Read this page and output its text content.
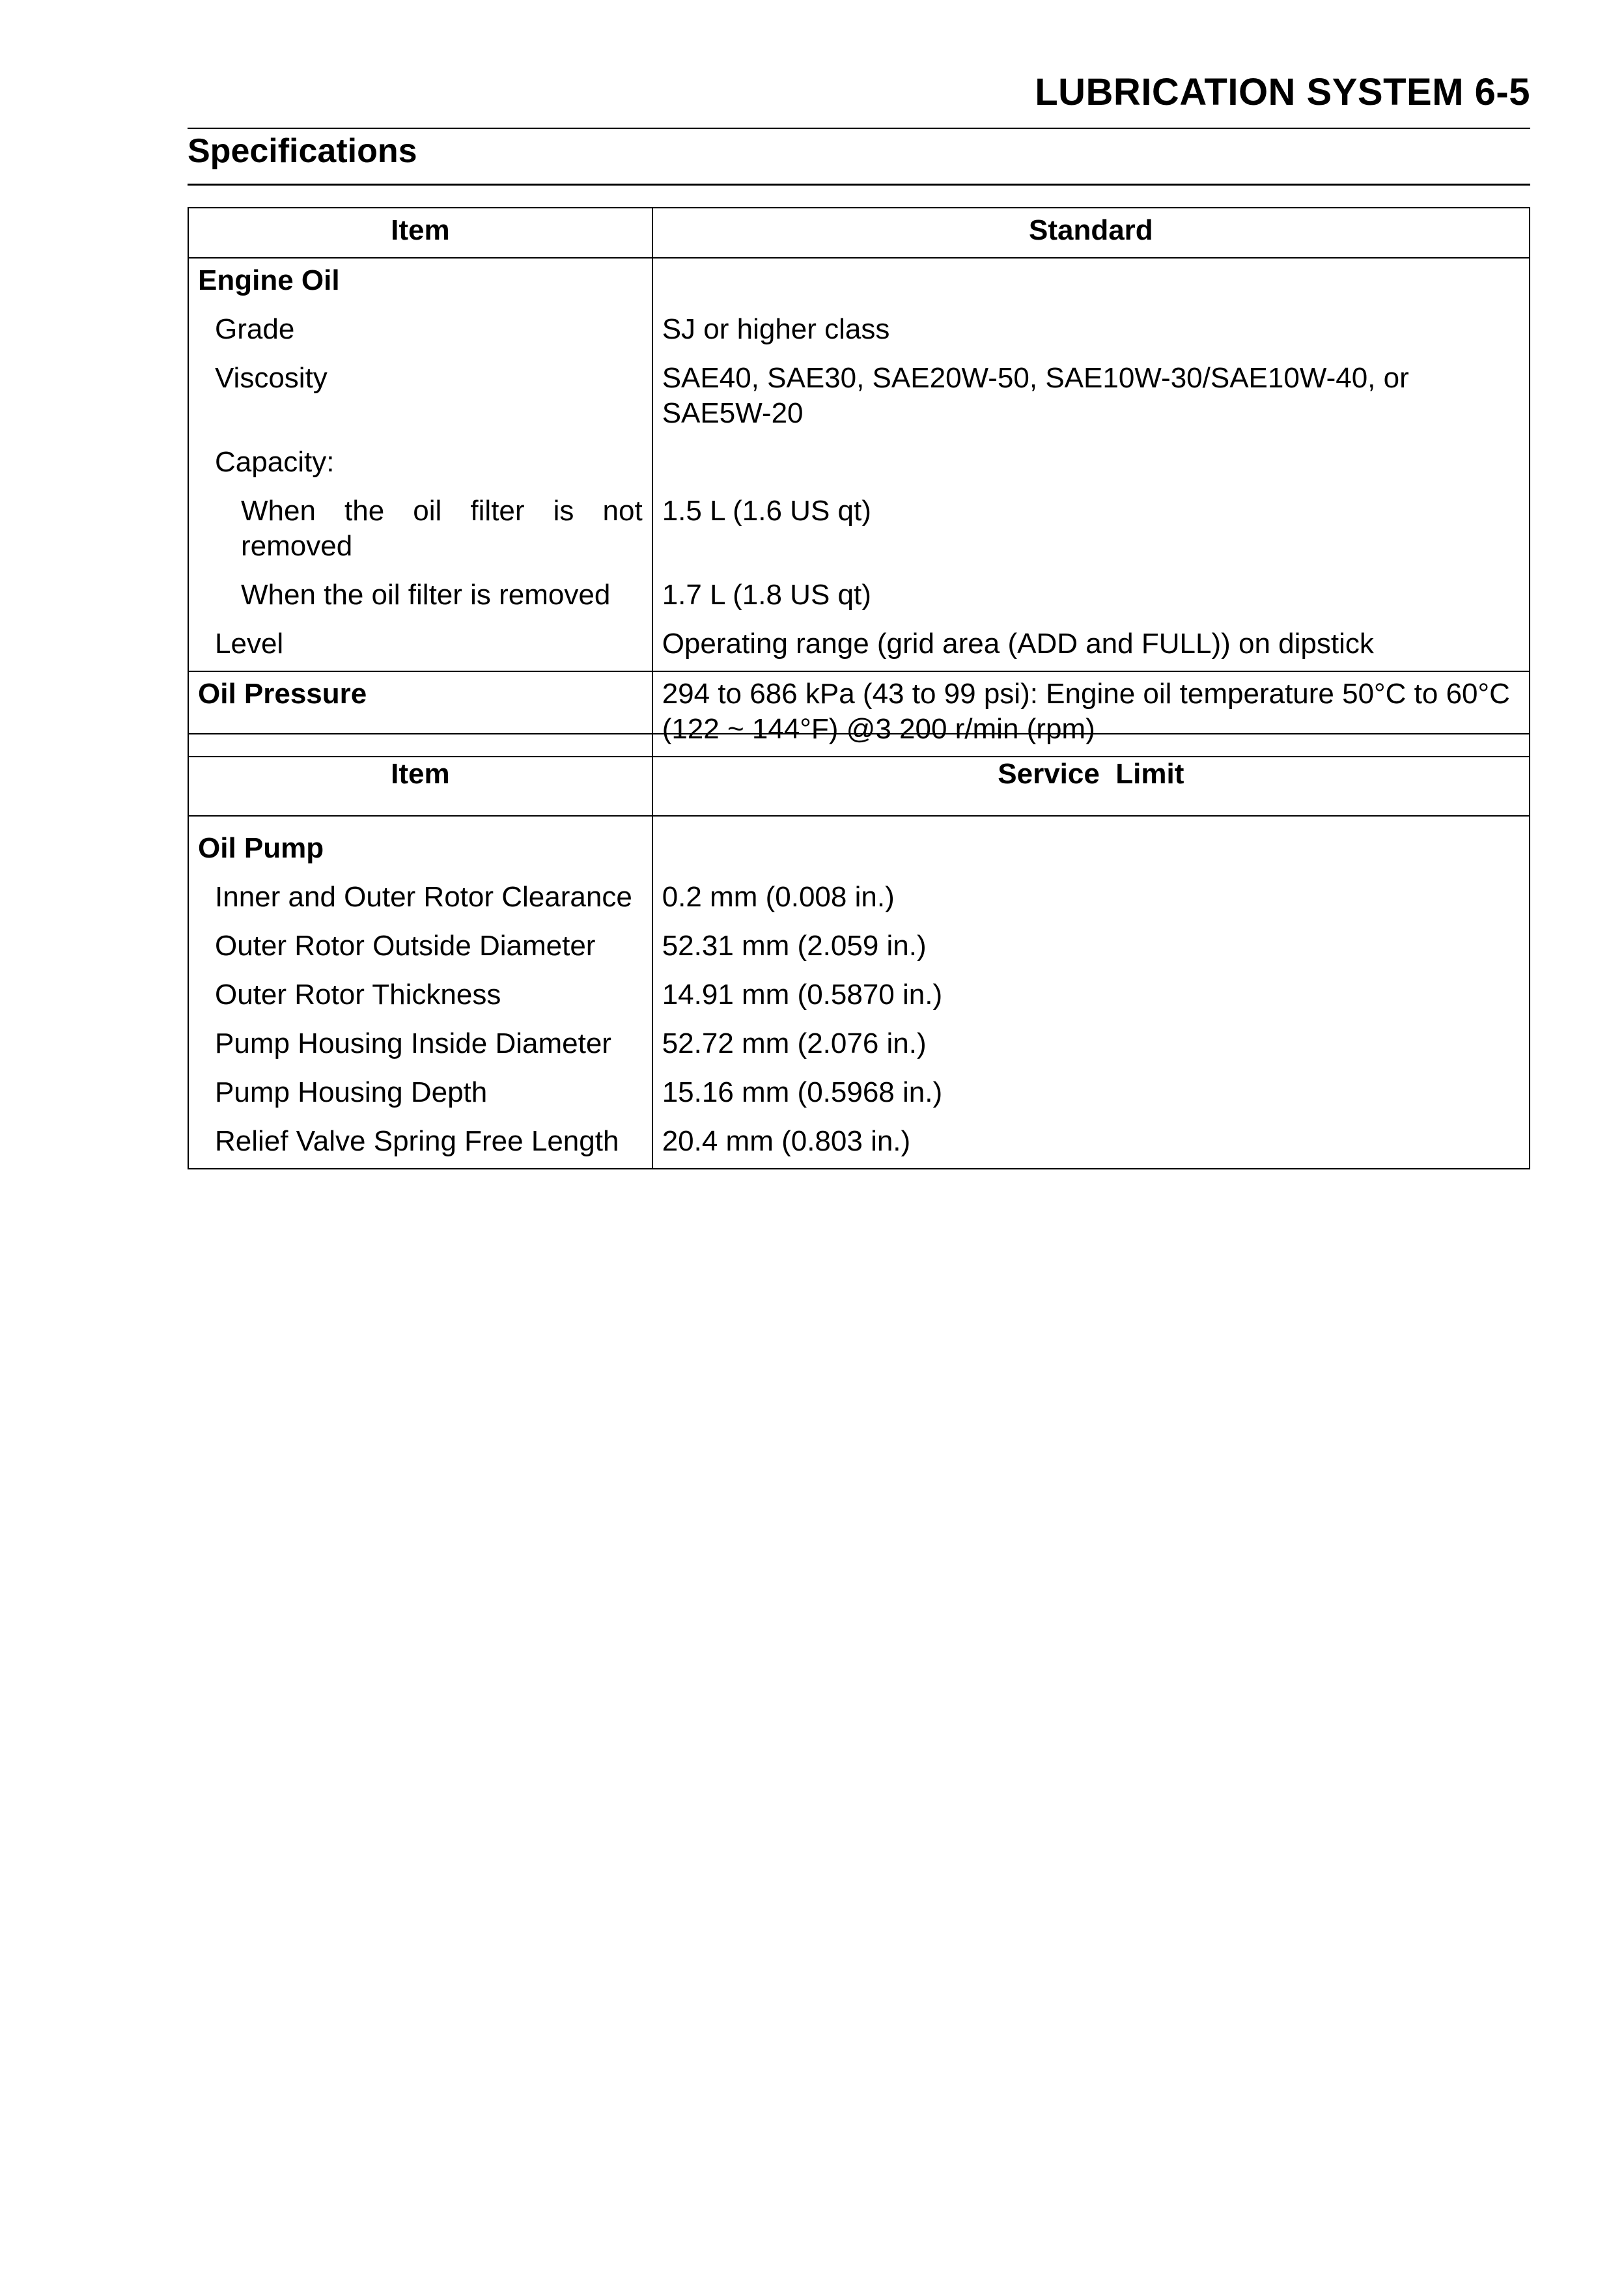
LUBRICATION SYSTEM 6-5
Specifications
Item	Standard
Engine Oil	
Grade	SJ or higher class
Viscosity	SAE40, SAE30, SAE20W-50, SAE10W-30/SAE10W-40, or SAE5W-20
Capacity:	
When the oil filter is not removed	1.5 L (1.6 US qt)
When the oil filter is removed	1.7 L (1.8 US qt)
Level	Operating range (grid area (ADD and FULL)) on dipstick
Oil Pressure	294 to 686 kPa (43 to 99 psi): Engine oil temperature 50°C to 60°C (122 ~ 144°F) @3 200 r/min (rpm)
Item	Service  Limit
Oil Pump	
Inner and Outer Rotor Clearance	0.2 mm (0.008 in.)
Outer Rotor Outside Diameter	52.31 mm (2.059 in.)
Outer Rotor Thickness	14.91 mm (0.5870 in.)
Pump Housing Inside Diameter	52.72 mm (2.076 in.)
Pump Housing Depth	15.16 mm (0.5968 in.)
Relief Valve Spring Free Length	20.4 mm (0.803 in.)
